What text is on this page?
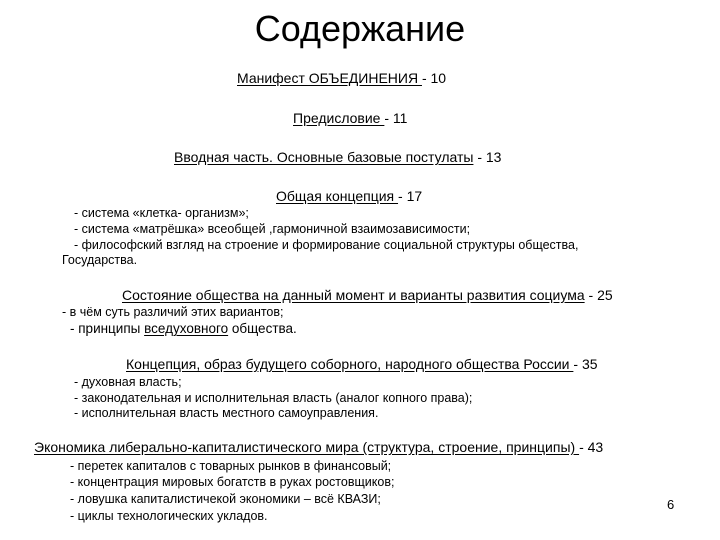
Содержание
Манифест ОБЪЕДИНЕНИЯ - 10
Предисловие - 11
Вводная часть. Основные базовые постулаты - 13
Общая концепция - 17
- система «клетка- организм»;
- система «матрёшка» всеобщей ,гармоничной взаимозависимости;
- философский взгляд на строение и формирование социальной структуры общества,
Государства.
Состояние общества на данный момент и варианты развития социума - 25
- в чём суть различий этих вариантов;
- принципы вседуховного общества.
Концепция, образ будущего соборного, народного общества России - 35
- духовная власть;
- законодательная и исполнительная власть (аналог копного права);
- исполнительная власть местного самоуправления.
Экономика либерально-капиталистического мира (структура, строение, принципы) - 43
- перетек капиталов с товарных рынков в финансовый;
- концентрация мировых богатств в руках ростовщиков;
- ловушка капиталистичекой экономики – всё КВАЗИ;
- циклы технологических укладов.
6
